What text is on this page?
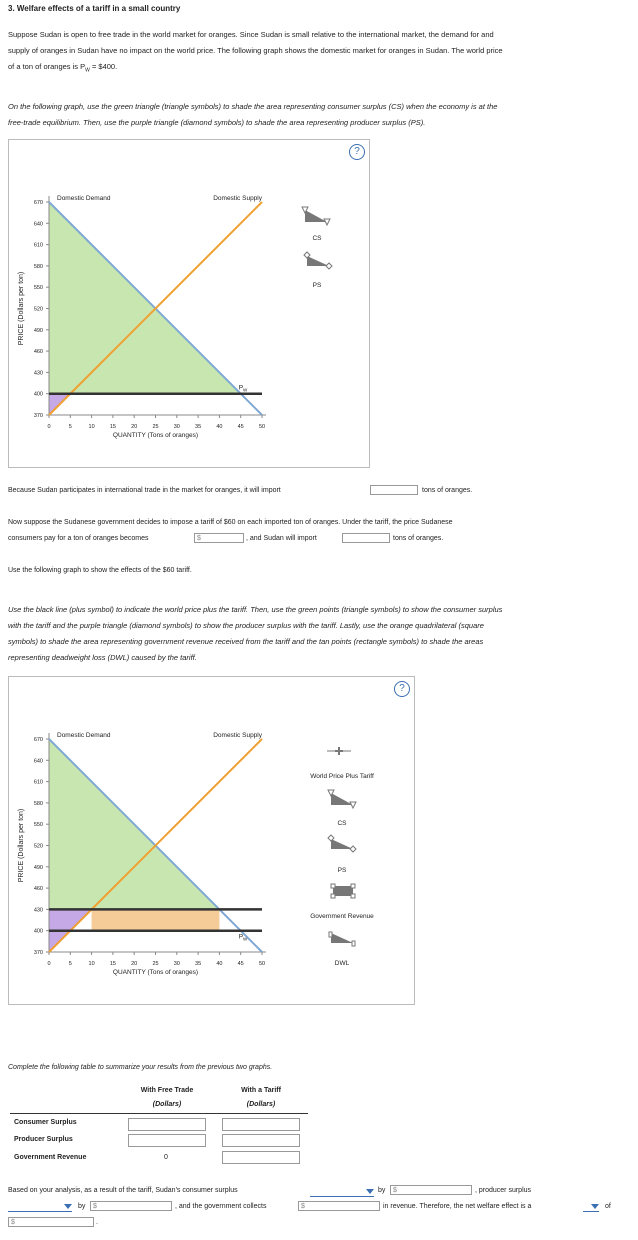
3. Welfare effects of a tariff in a small country
Suppose Sudan is open to free trade in the world market for oranges. Since Sudan is small relative to the international market, the demand for and
supply of oranges in Sudan have no impact on the world price. The following graph shows the domestic market for oranges in Sudan. The world price
of a ton of oranges is $P_W$ = $400.
On the following graph, use the green triangle (triangle symbols) to shade the area representing consumer surplus (CS) when the economy is at the
free-trade equilibrium. Then, use the purple triangle (diamond symbols) to shade the area representing producer surplus (PS).
?
370
400
430
460
490
520
550
580
610
640
670
0	5	10	15	20	25	30	35	40	45	50
PRICE (Dollars per ton)
QUANTITY (Tons of oranges)
Domestic Demand	Domestic Supply
$P_W$
CS
PS
Because Sudan participates in international trade in the market for oranges, it will import	tons of oranges.
Now suppose the Sudanese government decides to impose a tariff of $60 on each imported ton of oranges. Under the tariff, the price Sudanese
consumers pay for a ton of oranges becomes	$	, and Sudan will import	tons of oranges.
Use the following graph to show the effects of the $60 tariff.
Use the black line (plus symbol) to indicate the world price plus the tariff. Then, use the green points (triangle symbols) to show the consumer surplus
with the tariff and the purple triangle (diamond symbols) to show the producer surplus with the tariff. Lastly, use the orange quadrilateral (square
symbols) to shade the area representing government revenue received from the tariff and the tan points (rectangle symbols) to shade the areas
representing deadweight loss (DWL) caused by the tariff.
?
370
400
430
460
490
520
550
580
610
640
670
0	5	10	15	20	25	30	35	40	45	50
PRICE (Dollars per ton)
QUANTITY (Tons of oranges)
Domestic Demand	Domestic Supply
$P_W$
World Price Plus Tariff
CS
PS
Government Revenue
DWL
Complete the following table to summarize your results from the previous two graphs.
With Free Trade
(Dollars)
With a Tariff
(Dollars)
Consumer Surplus
Producer Surplus
Government Revenue	0
Based on your analysis, as a result of the tariff, Sudan's consumer surplus	by	$	, producer surplus
by	$	, and the government collects	$	in revenue. Therefore, the net welfare effect is a	of
$	.
